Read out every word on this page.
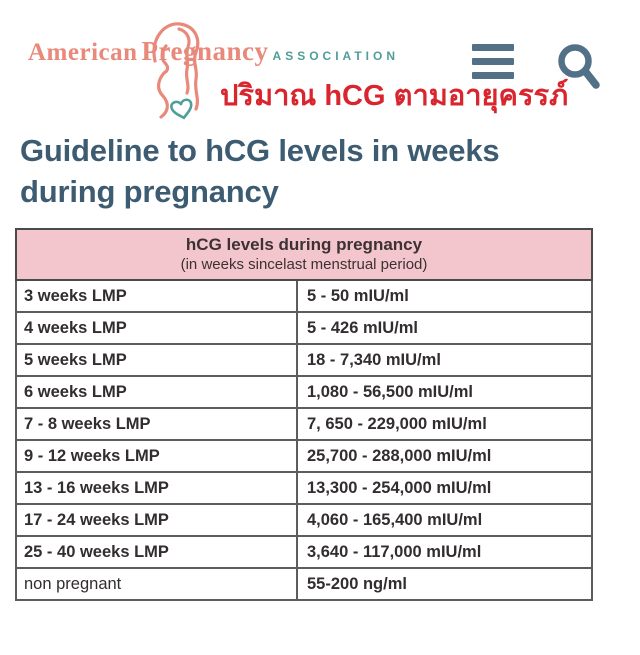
American Pregnancy ASSOCIATION
ปริมาณ hCG ตามอายุครรภ์
Guideline to hCG levels in weeks
during pregnancy
hCG levels during pregnancy
(in weeks sincelast menstrual period)	

3 weeks LMP	5 - 50 mIU/ml
4 weeks LMP	5 - 426 mIU/ml
5 weeks LMP	18 - 7,340 mIU/ml
6 weeks LMP	1,080 - 56,500 mIU/ml
7 - 8 weeks LMP	7, 650 - 229,000 mIU/ml
9 - 12 weeks LMP	25,700 - 288,000 mIU/ml
13 - 16 weeks LMP	13,300 - 254,000 mIU/ml
17 - 24 weeks LMP	4,060 - 165,400 mIU/ml
25 - 40 weeks LMP	3,640 - 117,000 mIU/ml
non pregnant	55-200 ng/ml
